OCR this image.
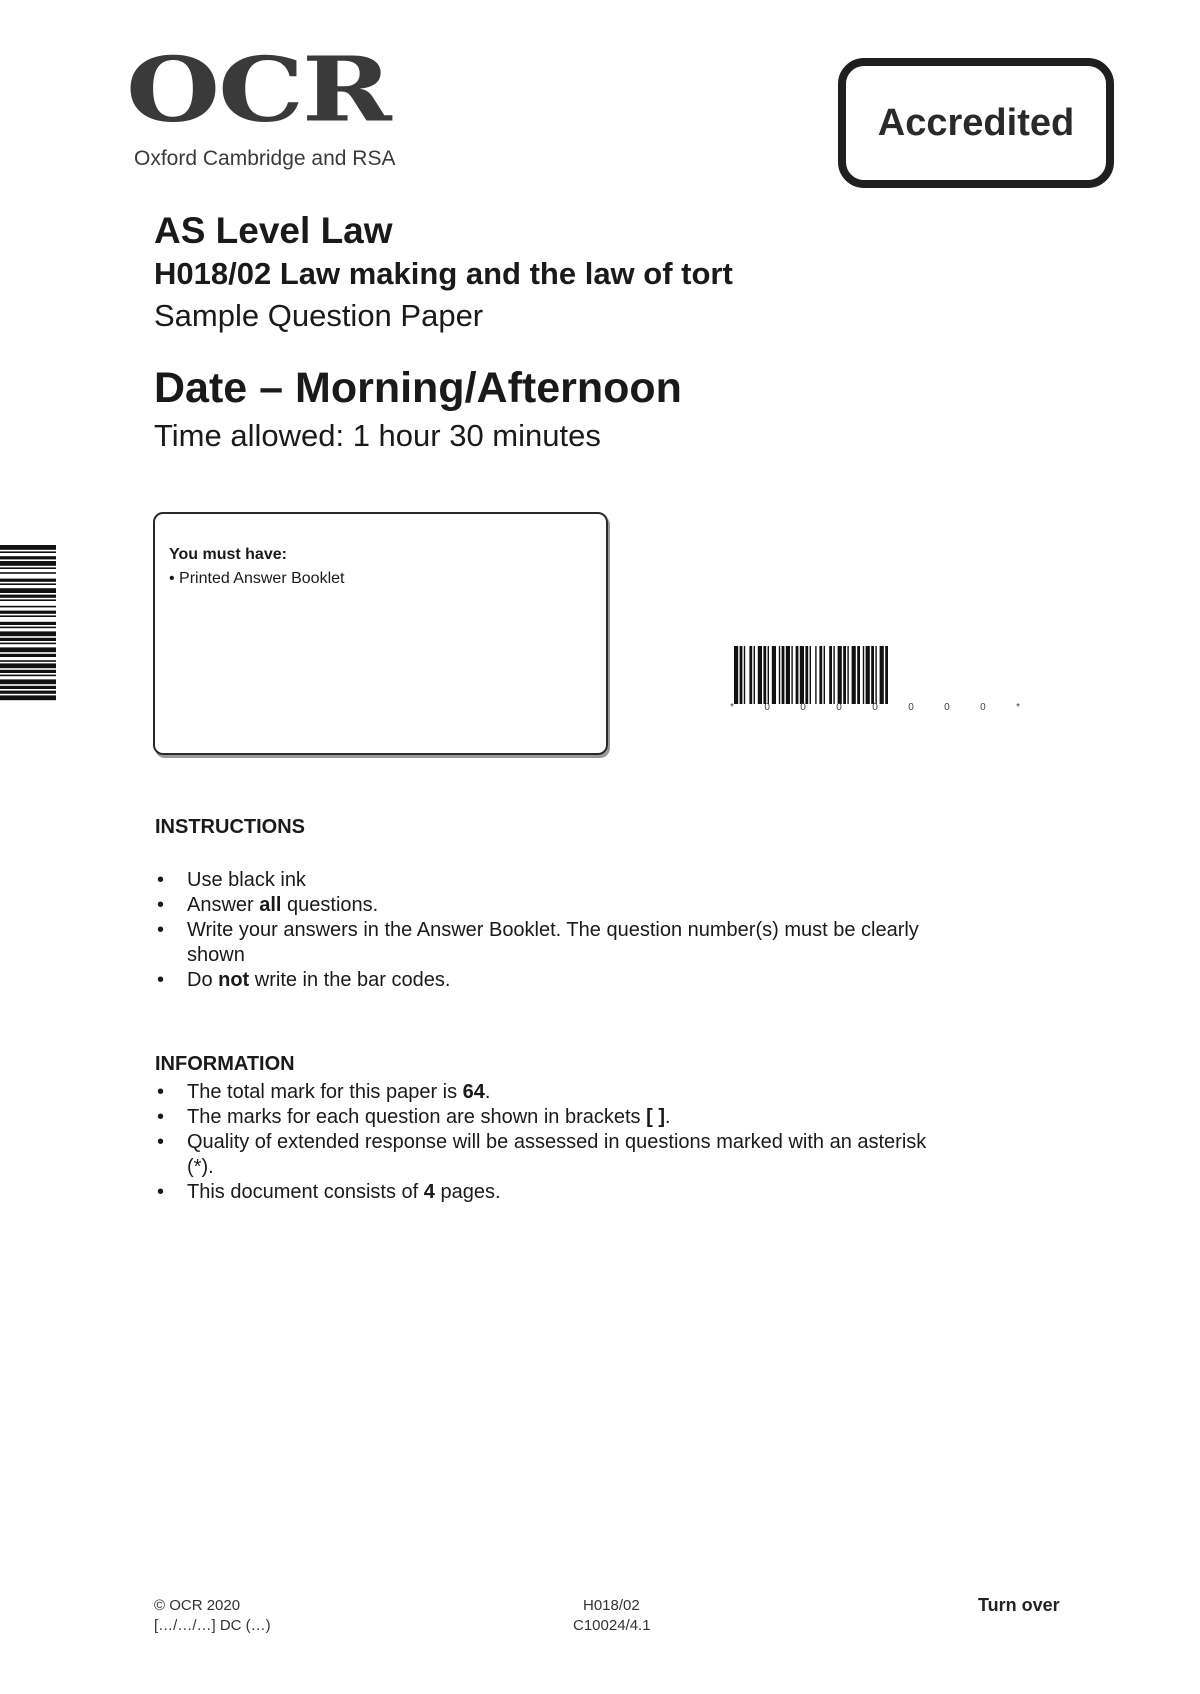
OCR
Oxford Cambridge and RSA
Accredited
AS Level Law
H018/02 Law making and the law of tort
Sample Question Paper
Date – Morning/Afternoon
Time allowed: 1 hour 30 minutes
You must have:
• Printed Answer Booklet
*	0	0	0	0	0	0	0	*
INSTRUCTIONS
• Use black ink
• Answer all questions.
• Write your answers in the Answer Booklet. The question number(s) must be clearly shown
• Do not write in the bar codes.
INFORMATION
• The total mark for this paper is 64.
• The marks for each question are shown in brackets [ ].
• Quality of extended response will be assessed in questions marked with an asterisk (*).
• This document consists of 4 pages.
© OCR 2020
[…/…/…] DC (…)
H018/02
C10024/4.1
Turn over
